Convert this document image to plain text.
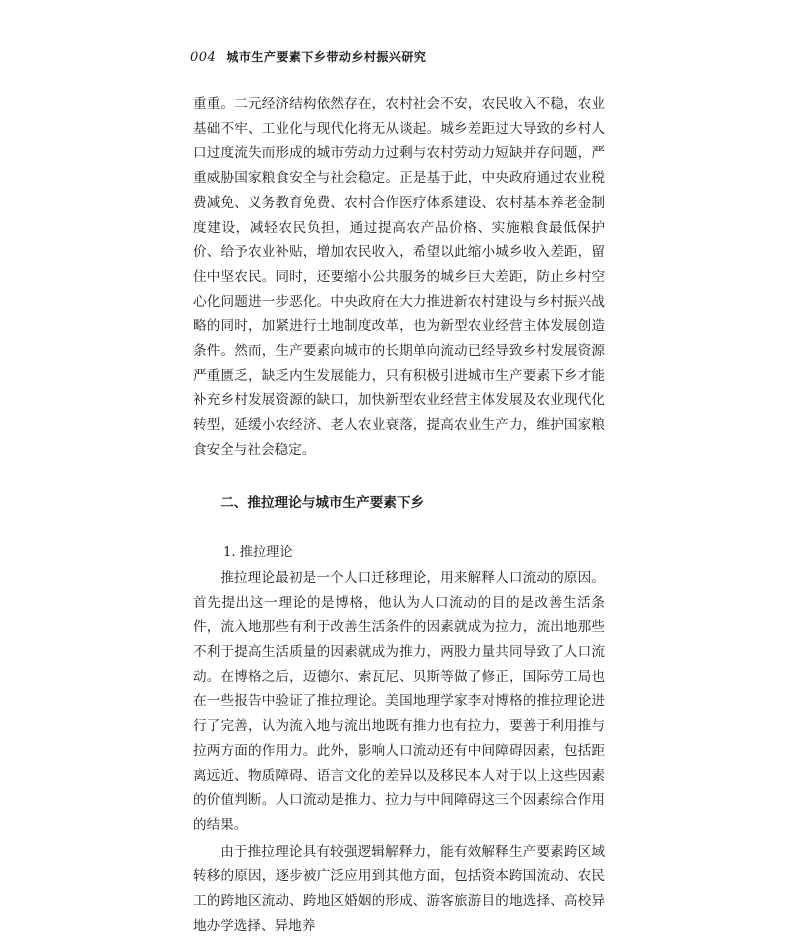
004 城市生产要素下乡带动乡村振兴研究

重重。二元经济结构依然存在，农村社会不安，农民收入不稳，农业基础不牢、工业化与现代化将无从谈起。城乡差距过大导致的乡村人口过度流失而形成的城市劳动力过剩与农村劳动力短缺并存问题，严重威胁国家粮食安全与社会稳定。正是基于此，中央政府通过农业税费减免、义务教育免费、农村合作医疗体系建设、农村基本养老金制度建设，减轻农民负担，通过提高农产品价格、实施粮食最低保护价、给予农业补贴，增加农民收入，希望以此缩小城乡收入差距，留住中坚农民。同时，还要缩小公共服务的城乡巨大差距，防止乡村空心化问题进一步恶化。中央政府在大力推进新农村建设与乡村振兴战略的同时，加紧进行土地制度改革，也为新型农业经营主体发展创造条件。然而，生产要素向城市的长期单向流动已经导致乡村发展资源严重匮乏，缺乏内生发展能力，只有积极引进城市生产要素下乡才能补充乡村发展资源的缺口，加快新型农业经营主体发展及农业现代化转型，延缓小农经济、老人农业衰落，提高农业生产力，维护国家粮食安全与社会稳定。

二、推拉理论与城市生产要素下乡

1. 推拉理论

推拉理论最初是一个人口迁移理论，用来解释人口流动的原因。首先提出这一理论的是博格，他认为人口流动的目的是改善生活条件，流入地那些有利于改善生活条件的因素就成为拉力，流出地那些不利于提高生活质量的因素就成为推力，两股力量共同导致了人口流动。在博格之后，迈德尔、索瓦尼、贝斯等做了修正，国际劳工局也在一些报告中验证了推拉理论。美国地理学家李对博格的推拉理论进行了完善，认为流入地与流出地既有推力也有拉力，要善于利用推与拉两方面的作用力。此外，影响人口流动还有中间障碍因素，包括距离远近、物质障碍、语言文化的差异以及移民本人对于以上这些因素的价值判断。人口流动是推力、拉力与中间障碍这三个因素综合作用的结果。

由于推拉理论具有较强逻辑解释力，能有效解释生产要素跨区域转移的原因，逐步被广泛应用到其他方面，包括资本跨国流动、农民工的跨地区流动、跨地区婚姻的形成、游客旅游目的地选择、高校异地办学选择、异地养
